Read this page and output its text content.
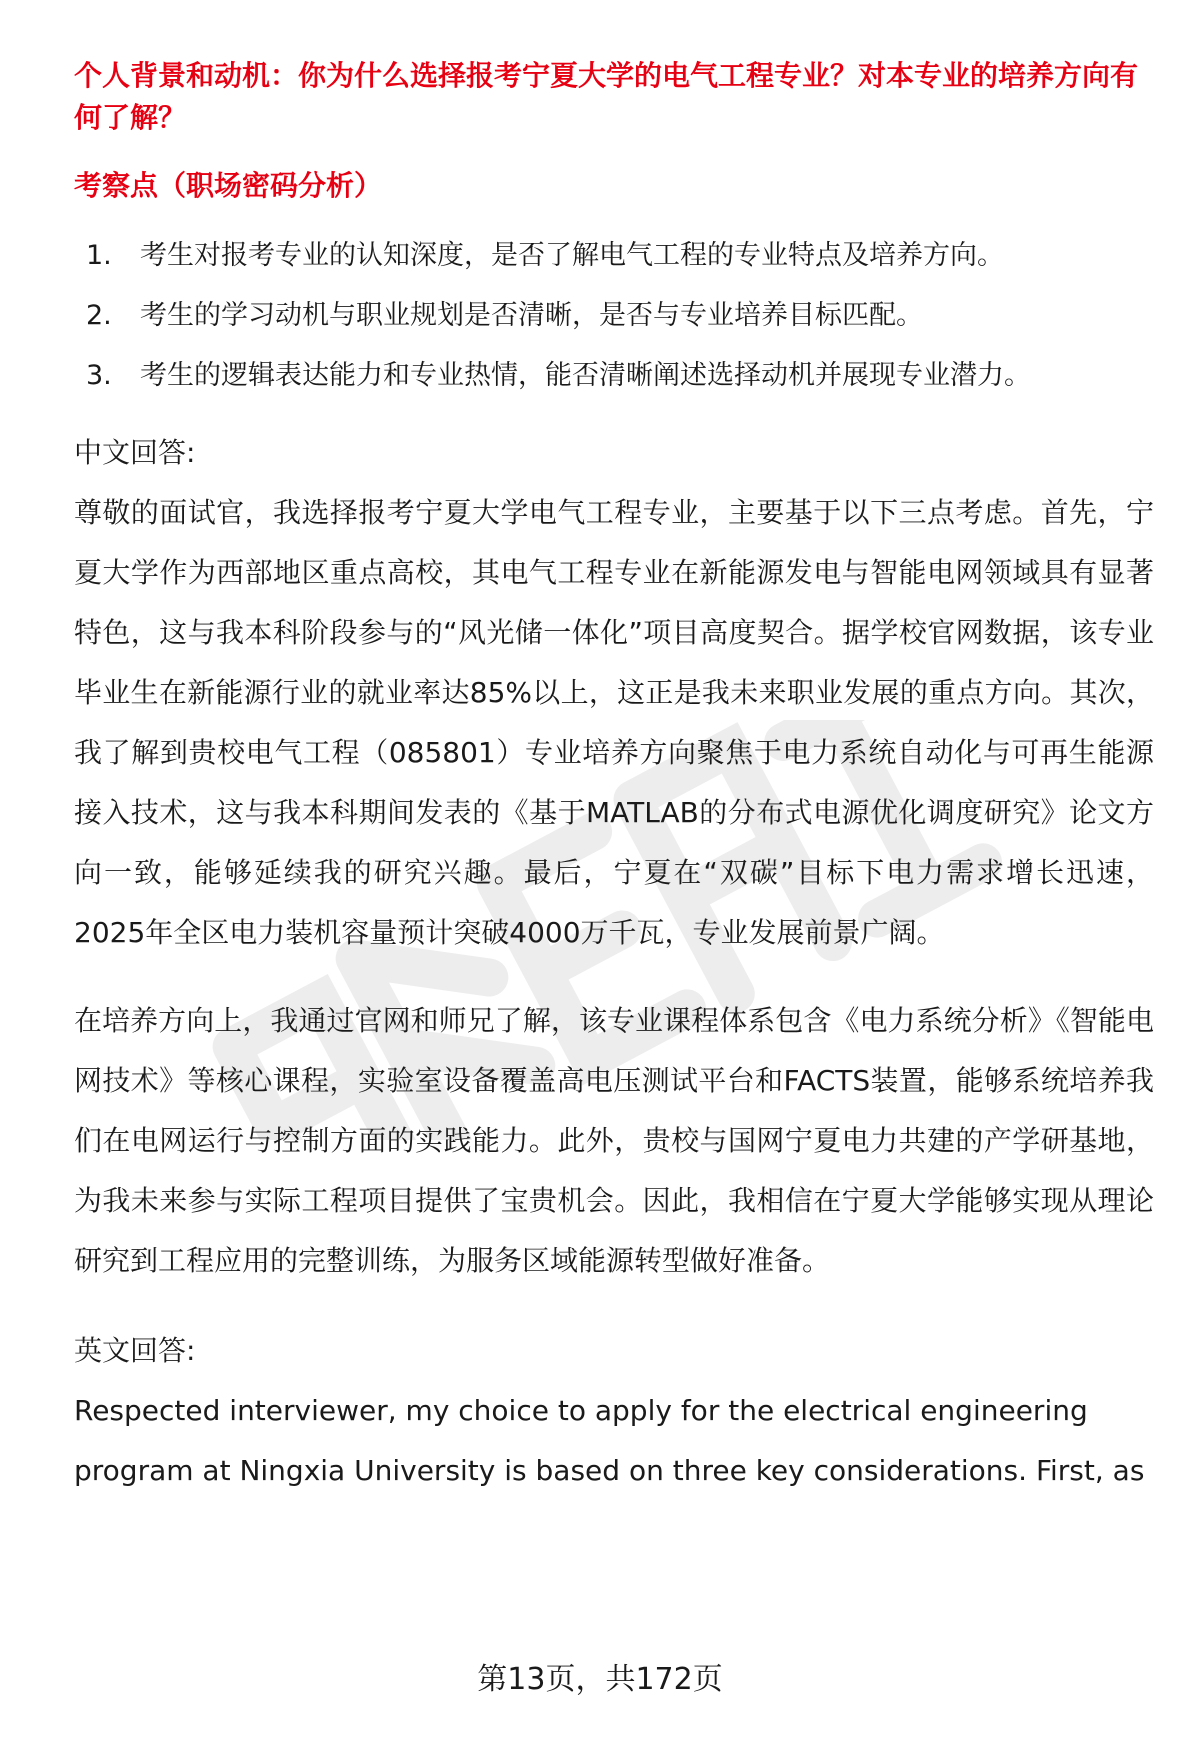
个人背景和动机：你为什么选择报考宁夏大学的电气工程专业？对本专业的培养方向有何了解？

考察点（职场密码分析）

1.	考生对报考专业的认知深度，是否了解电气工程的专业特点及培养方向。
2.	考生的学习动机与职业规划是否清晰，是否与专业培养目标匹配。
3.	考生的逻辑表达能力和专业热情，能否清晰阐述选择动机并展现专业潜力。

中文回答:

尊敬的面试官，我选择报考宁夏大学电气工程专业，主要基于以下三点考虑。首先，宁夏大学作为西部地区重点高校，其电气工程专业在新能源发电与智能电网领域具有显著特色，这与我本科阶段参与的“风光储一体化”项目高度契合。据学校官网数据，该专业毕业生在新能源行业的就业率达85%以上，这正是我未来职业发展的重点方向。其次，我了解到贵校电气工程（085801）专业培养方向聚焦于电力系统自动化与可再生能源接入技术，这与我本科期间发表的《基于MATLAB的分布式电源优化调度研究》论文方向一致，能够延续我的研究兴趣。最后，宁夏在“双碳”目标下电力需求增长迅速，2025年全区电力装机容量预计突破4000万千瓦，专业发展前景广阔。

在培养方向上，我通过官网和师兄了解，该专业课程体系包含《电力系统分析》《智能电网技术》等核心课程，实验室设备覆盖高电压测试平台和FACTS装置，能够系统培养我们在电网运行与控制方面的实践能力。此外，贵校与国网宁夏电力共建的产学研基地，为我未来参与实际工程项目提供了宝贵机会。因此，我相信在宁夏大学能够实现从理论研究到工程应用的完整训练，为服务区域能源转型做好准备。

英文回答:

Respected interviewer, my choice to apply for the electrical engineering

program at Ningxia University is based on three key considerations. First, as

第13页，共172页
